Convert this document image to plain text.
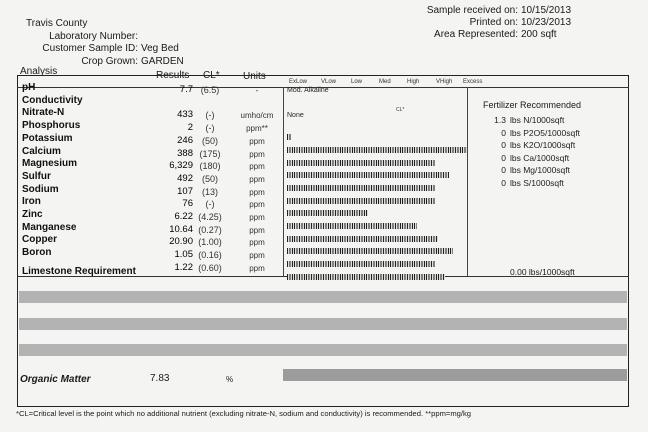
Travis County
Laboratory Number:
Customer Sample ID: Veg Bed
Crop Grown: GARDEN
Sample received on: 10/15/2013
Printed on: 10/23/2013
Area Represented: 200 sqft
Analysis	Results CL* Units	ExLow VLow Low	Med	High	VHigh Excess
pH	7.7 (6.5)	-	Mod. Alkaline
Conductivity
Nitrate-N	433	(-)	umho/cm	None
Phosphorus	2	(-)	ppm**
Potassium	246 (50)	ppm
Calcium	388 (175)	ppm
Magnesium	6,329 (180)	ppm
Sulfur	492 (50)	ppm
Sodium	107 (13)	ppm
Iron	76	(-)	ppm
Zinc	6.22 (4.25)	ppm
Manganese	10.64 (0.27)	ppm
Copper	20.90 (1.00)	ppm
Boron	1.05 (0.16)	ppm
Limestone Requirement	1.22 (0.60)	ppm
CL*	Fertilizer Recommended
1.3 lbs N/1000sqft
0 lbs P2O5/1000sqft
0 lbs K2O/1000sqft
0 lbs Ca/1000sqft
0 lbs Mg/1000sqft
0 lbs S/1000sqft
0.00 lbs/1000sqft
Organic Matter	7.83	%
*CL=Critical level is the point which no additional nutrient (excluding nitrate-N, sodium and conductivity) is recommended. **ppm=mg/kg
